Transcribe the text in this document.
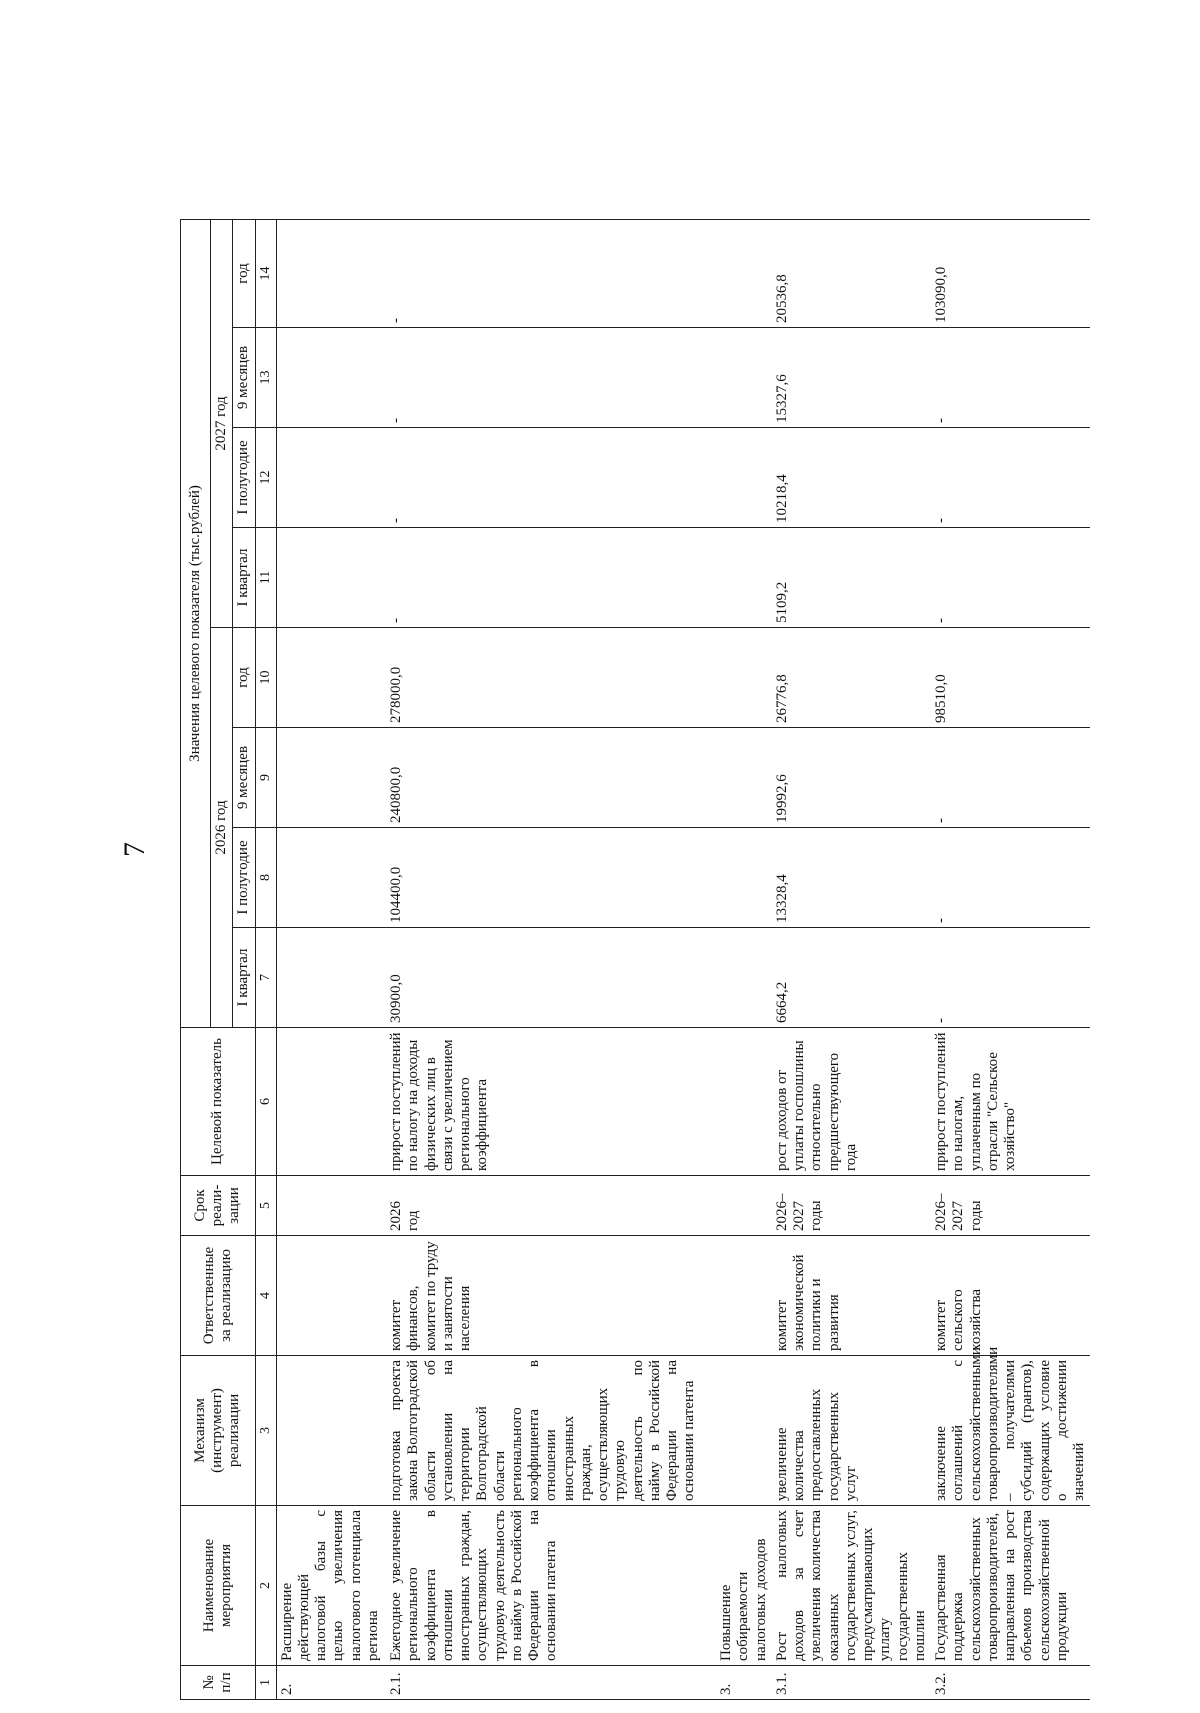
7
№ п/п	Наименование мероприятия	Механизм (инструмент) реализации	Ответственные за реализацию	Срок реали-зации	Целевой показатель	Значения целевого показателя (тыс.рублей)							
						2026 год				2027 год			
						I квартал	I полугодие	9 месяцев	год	I квартал	I полугодие	9 месяцев	год
1	2	3	4	5	6	7	8	9	10	11	12	13	14
2.	Расширение действующей налоговой базы с целью увеличения налогового потенциала региона												
2.1.	Ежегодное увеличение регионального коэффициента в отношении иностранных граждан, осуществляющих трудовую деятельность по найму в Российской Федерации на основании патента	подготовка проекта закона Волгоградской области об установлении на территории Волгоградской области регионального коэффициента в отношении иностранных граждан, осуществляющих трудовую деятельность по найму в Российской Федерации на основании патента	комитет финансов, комитет по труду и занятости населения	2026 год	прирост поступлений по налогу на доходы физических лиц в связи с увеличением регионального коэффициента	30900,0	104400,0	240800,0	278000,0	-	-	-	-
3.	Повышение собираемости налоговых доходов												
3.1.	Рост налоговых доходов за счет увеличения количества оказанных государственных услуг, предусматривающих уплату государственных пошлин	увеличение количества предоставленных государственных услуг	комитет экономической политики и развития	2026–2027 годы	рост доходов от уплаты госпошлины относительно предшествующего года	6664,2	13328,4	19992,6	26776,8	5109,2	10218,4	15327,6	20536,8
3.2.	Государственная поддержка сельскохозяйственных товаропроизводителей, направленная на рост объемов производства сельскохозяйственной продукции	заключение соглашений с сельскохозяйственными товаропроизводителями – получателями субсидий (грантов), содержащих условие о достижении значений	комитет сельского хозяйства	2026–2027 годы	прирост поступлений по налогам, уплаченным по отрасли "Сельское хозяйство"	-	-	-	98510,0	-	-	-	103090,0
